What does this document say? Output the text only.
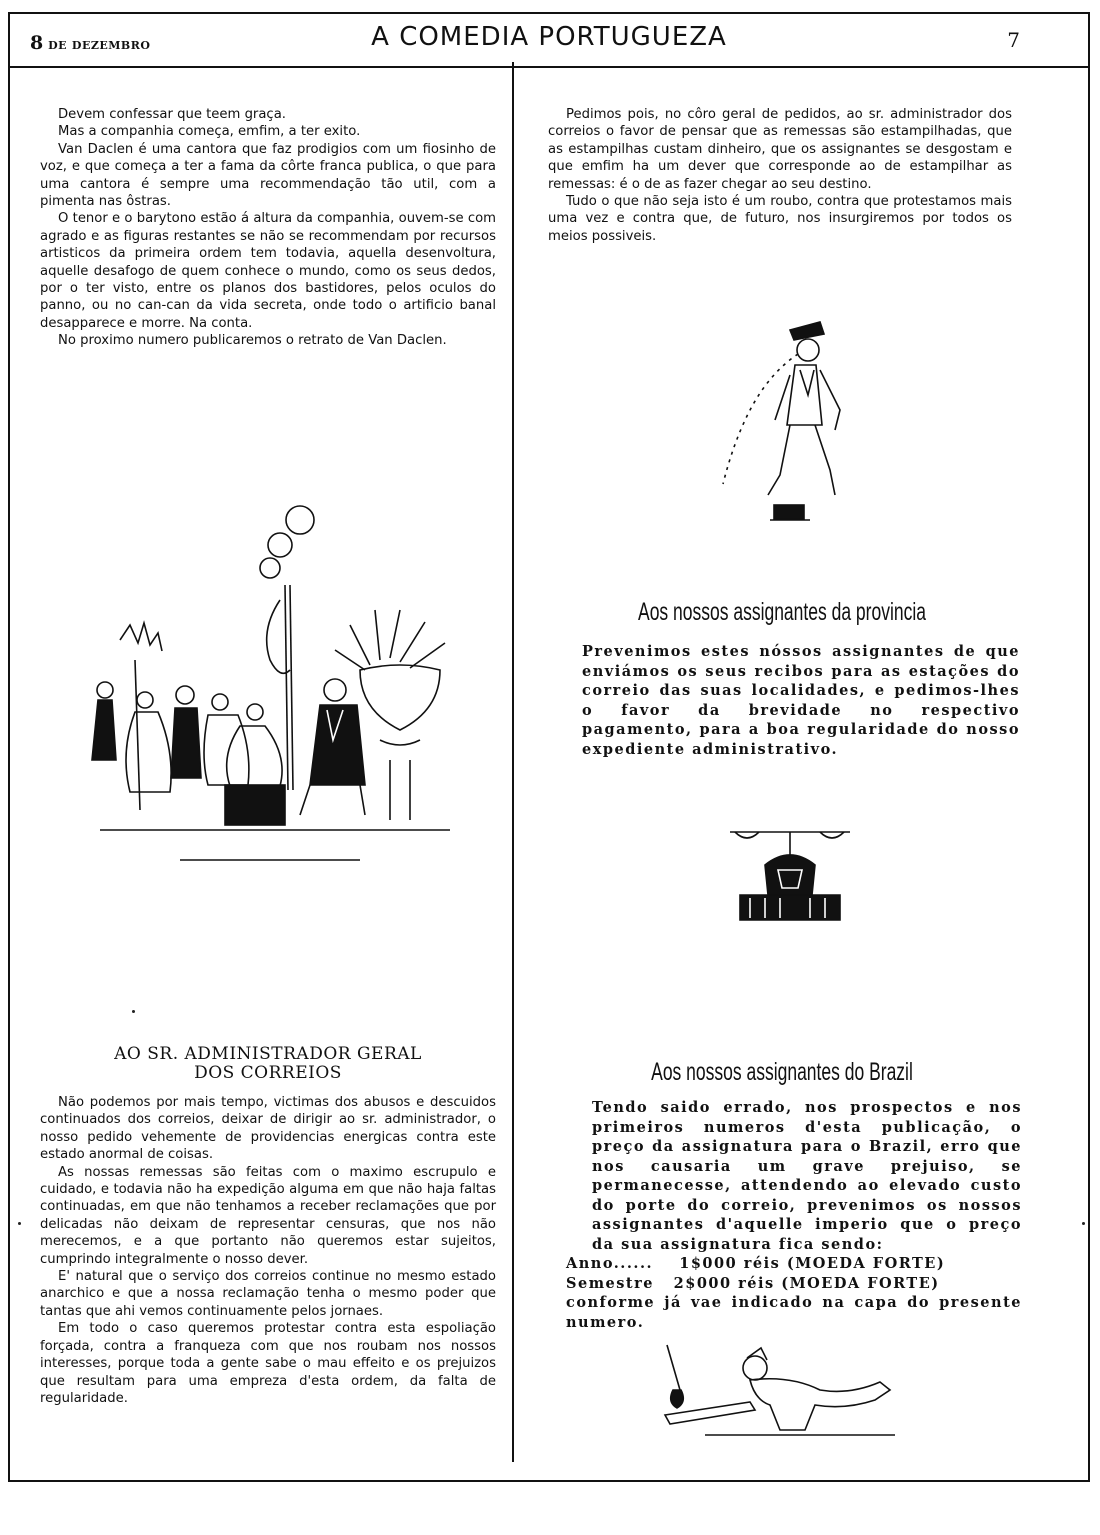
8 DE DEZEMBRO	A COMEDIA PORTUGUEZA	7

Devem confessar que teem graça.

Mas a companhia começa, emfim, a ter exito.

Van Daclen é uma cantora que faz prodigios com um fiosinho de voz, e que começa a ter a fama da côrte franca publica, o que para uma cantora é sempre uma recommendação tão util, com a pimenta nas ôstras.

O tenor e o barytono estão á altura da companhia, ouvem-se com agrado e as figuras restantes se não se recommendam por recursos artisticos da primeira ordem tem todavia, aquella desenvoltura, aquelle desafogo de quem conhece o mundo, como os seus dedos, por o ter visto, entre os planos dos bastidores, pelos oculos do panno, ou no can-can da vida secreta, onde todo o artificio banal desapparece e morre. Na conta.

No proximo numero publicaremos o retrato de Van Daclen.

AO SR. ADMINISTRADOR GERAL
DOS CORREIOS

Não podemos por mais tempo, victimas dos abusos e descuidos continuados dos correios, deixar de dirigir ao sr. administrador, o nosso pedido vehemente de providencias energicas contra este estado anormal de coisas.

As nossas remessas são feitas com o maximo escrupulo e cuidado, e todavia não ha expedição alguma em que não haja faltas continuadas, em que não tenhamos a receber reclamações que por delicadas não deixam de representar censuras, que nos não merecemos, e a que portanto não queremos estar sujeitos, cumprindo integralmente o nosso dever.

E' natural que o serviço dos correios continue no mesmo estado anarchico e que a nossa reclamação tenha o mesmo poder que tantas que ahi vemos continuamente pelos jornaes.

Em todo o caso queremos protestar contra esta espoliação forçada, contra a franqueza com que nos roubam nos nossos interesses, porque toda a gente sabe o mau effeito e os prejuizos que resultam para uma empreza d'esta ordem, da falta de regularidade.

Pedimos pois, no côro geral de pedidos, ao sr. administrador dos correios o favor de pensar que as remessas são estampilhadas, que as estampilhas custam dinheiro, que os assignantes se desgostam e que emfim ha um dever que corresponde ao de estampilhar as remessas: é o de as fazer chegar ao seu destino.

Tudo o que não seja isto é um roubo, contra que protestamos mais uma vez e contra que, de futuro, nos insurgiremos por todos os meios possiveis.

Aos nossos assignantes da provincia
Prevenimos estes nóssos assignantes de que enviámos os seus recibos para as estações do correio das suas localidades, e pedimos-lhes o favor da brevidade no respectivo pagamento, para a boa regularidade do nosso expediente administrativo.
Aos nossos assignantes do Brazil
Tendo saido errado, nos prospectos e nos primeiros numeros d'esta publicação, o preço da assignatura para o Brazil, erro que nos causaria um grave prejuiso, se permanecesse, attendendo ao elevado custo do porte do correio, prevenimos os nossos assignantes d'aquelle imperio que o preço da sua assignatura fica sendo:
Anno...... 1$000 réis (MOEDA FORTE)
Semestre 2$000 réis (MOEDA FORTE)
conforme já vae indicado na capa do presente numero.
